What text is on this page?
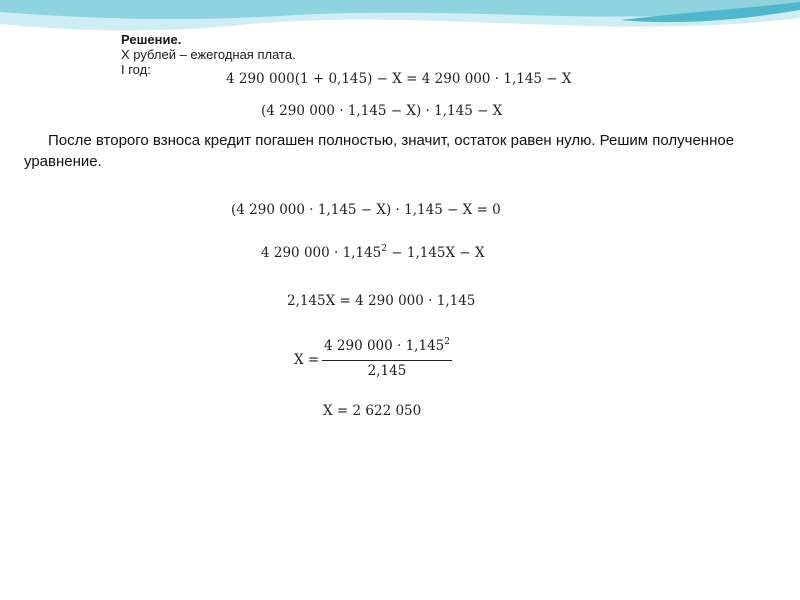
Решение.
Х рублей – ежегодная плата.
I год:
4 290 000(1 + 0,145) − X = 4 290 000 · 1,145 − X
(4 290 000 · 1,145 − X) · 1,145 − X
После второго взноса кредит погашен полностью, значит, остаток равен нулю. Решим полученное уравнение.
(4 290 000 · 1,145 − X) · 1,145 − X = 0
4 290 $000 \cdot 1,145^2 - 1,145X - X$
2,145X = 4 290 000 · 1,145
X =
4 290 $000 \cdot 1,145^2$
2,145
X = 2 622 050
